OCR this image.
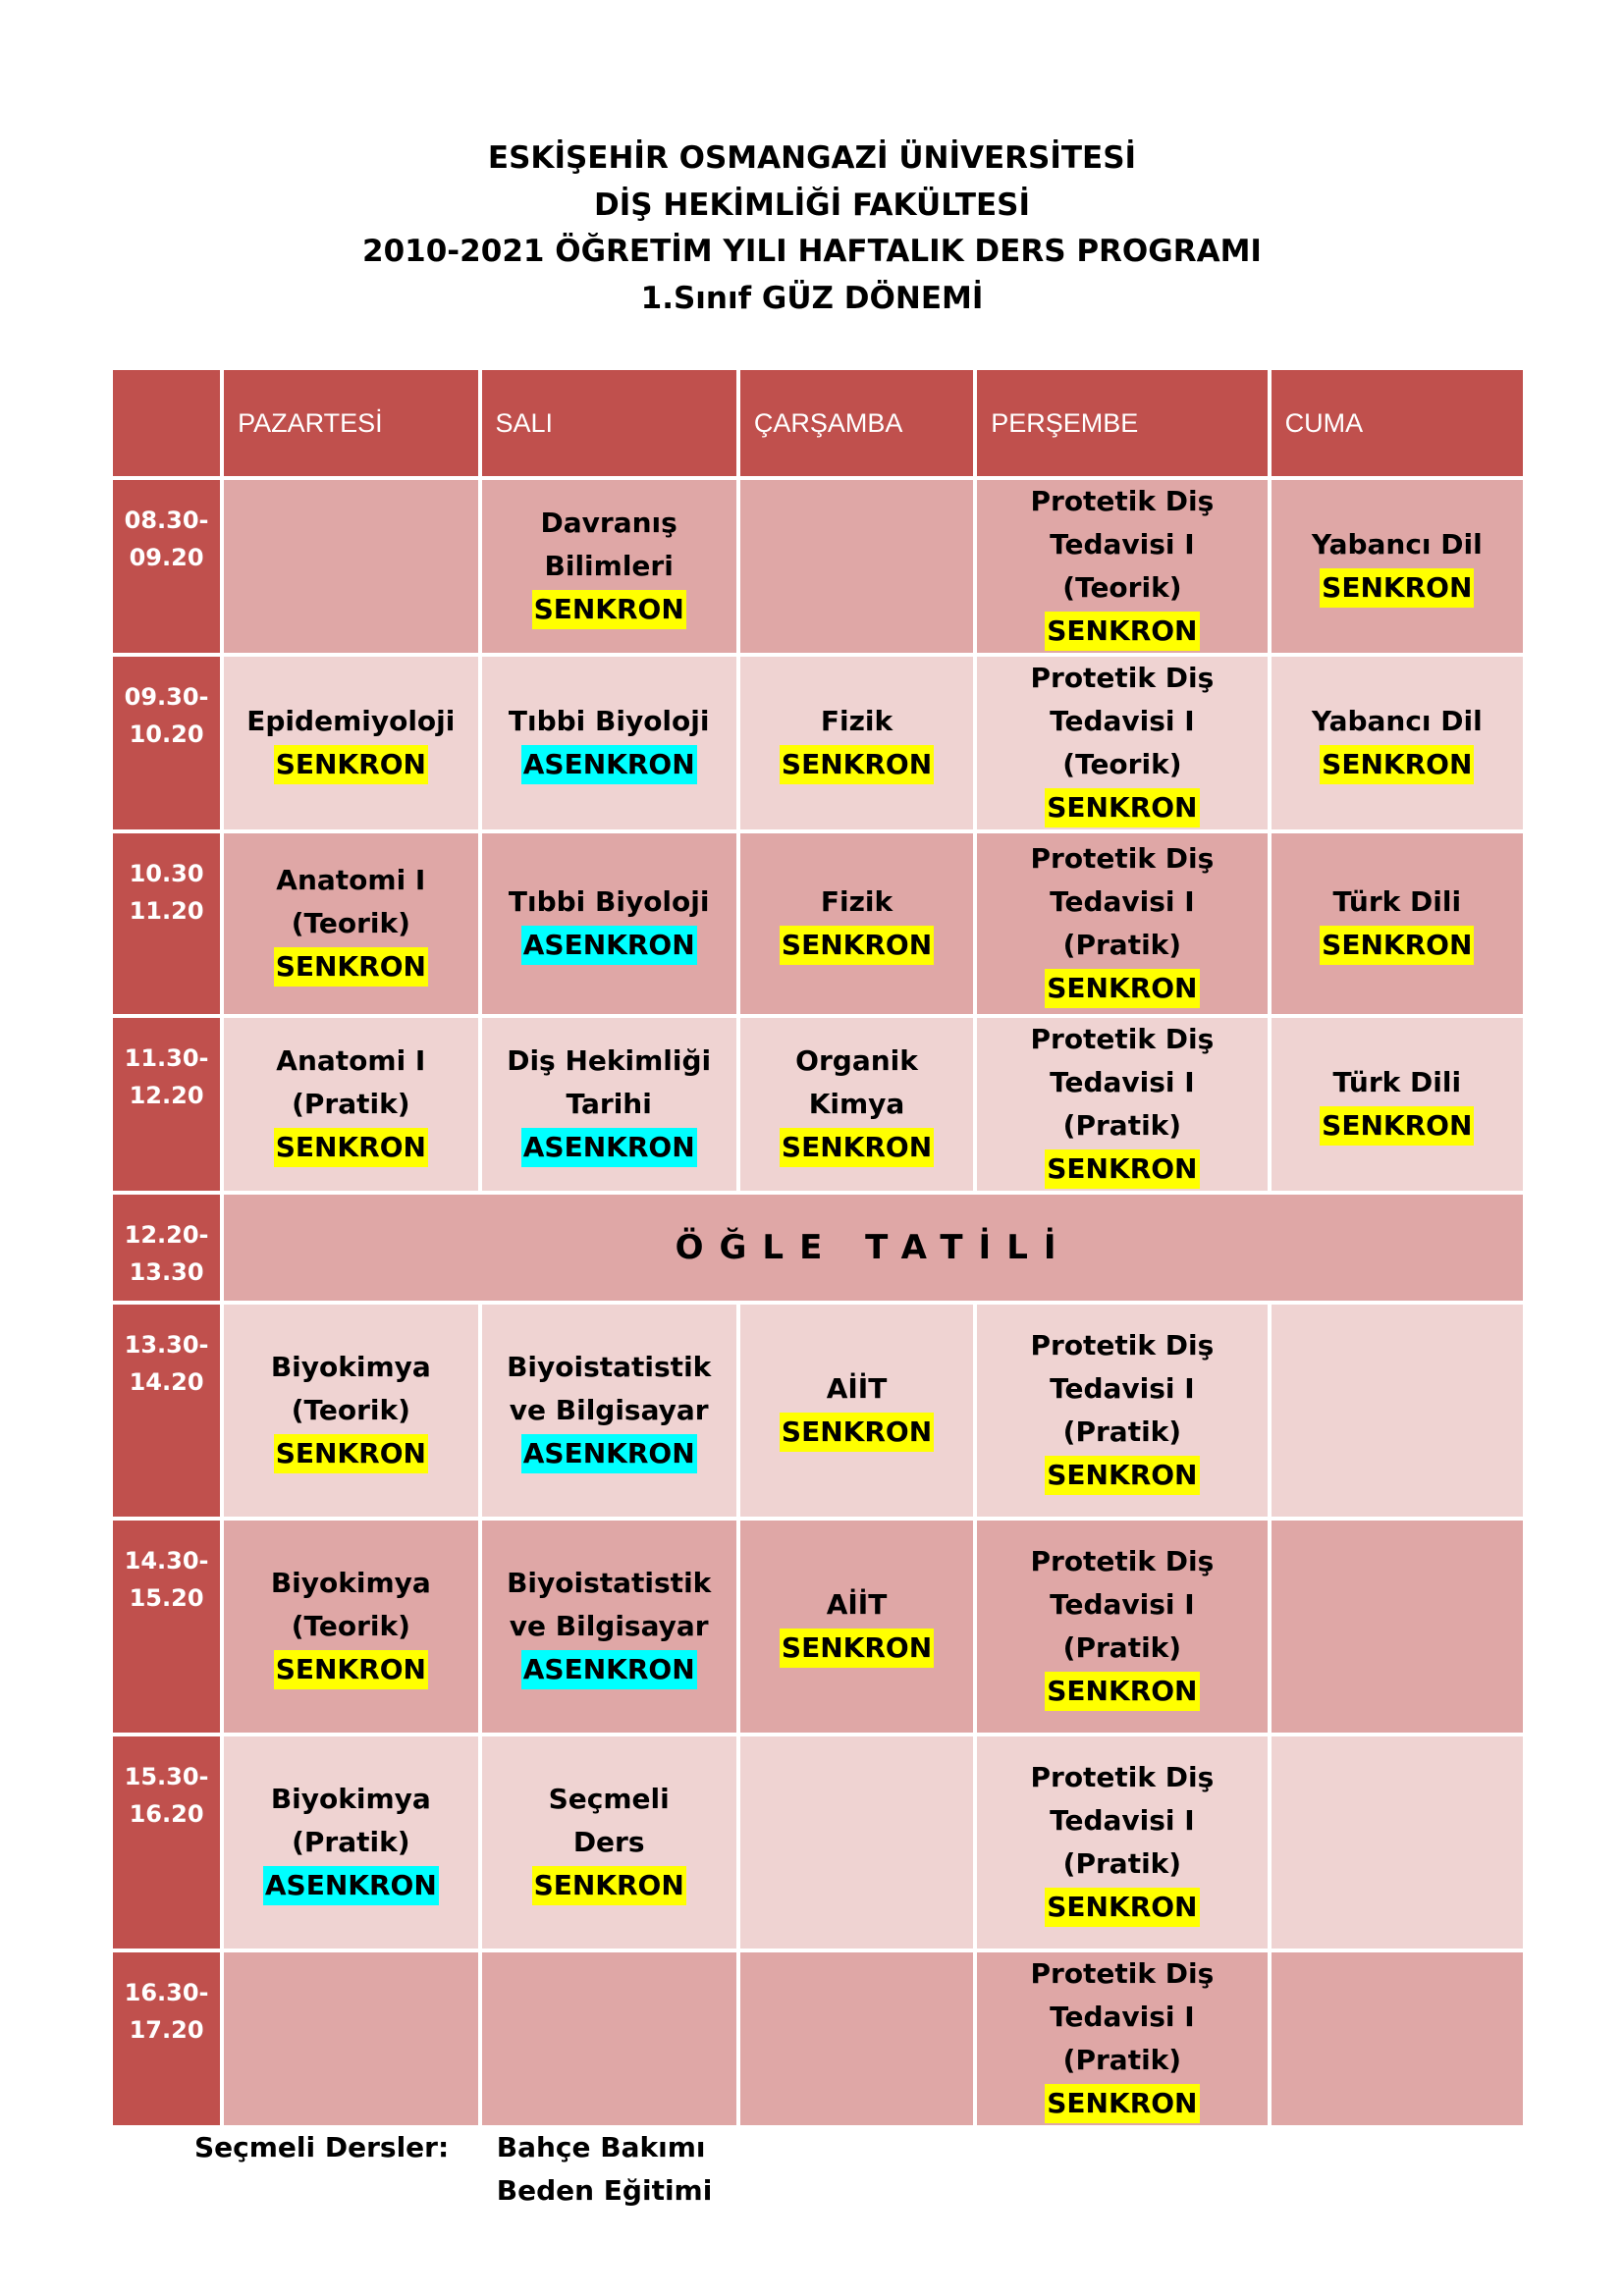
ESKİŞEHİR OSMANGAZİ ÜNİVERSİTESİ
DİŞ HEKİMLİĞİ FAKÜLTESİ
2010-2021 ÖĞRETİM YILI HAFTALIK DERS PROGRAMI
1.Sınıf GÜZ DÖNEMİ
	PAZARTESİ	SALI	ÇARŞAMBA	PERŞEMBE	CUMA

08.30-
09.20		Davranış
Bilimleri
SENKRON		Protetik Diş
Tedavisi I
(Teorik)
SENKRON	Yabancı Dil
SENKRON

09.30-
10.20	Epidemiyoloji
SENKRON	Tıbbi Biyoloji
ASENKRON	Fizik
SENKRON	Protetik Diş
Tedavisi I
(Teorik)
SENKRON	Yabancı Dil
SENKRON

10.30
11.20	Anatomi I
(Teorik)
SENKRON	Tıbbi Biyoloji
ASENKRON	Fizik
SENKRON	Protetik Diş
Tedavisi I
(Pratik)
SENKRON	Türk Dili
SENKRON

11.30-
12.20	Anatomi I
(Pratik)
SENKRON	Diş Hekimliği
Tarihi
ASENKRON	Organik
Kimya
SENKRON	Protetik Diş
Tedavisi I
(Pratik)
SENKRON	Türk Dili
SENKRON

12.20-
13.30	ÖĞLE TATİLİ				

13.30-
14.20	Biyokimya
(Teorik)
SENKRON	Biyoistatistik
ve Bilgisayar
ASENKRON	AİİT
SENKRON	Protetik Diş
Tedavisi I
(Pratik)
SENKRON	

14.30-
15.20	Biyokimya
(Teorik)
SENKRON	Biyoistatistik
ve Bilgisayar
ASENKRON	AİİT
SENKRON	Protetik Diş
Tedavisi I
(Pratik)
SENKRON	

15.30-
16.20	Biyokimya
(Pratik)
ASENKRON	Seçmeli
Ders
SENKRON		Protetik Diş
Tedavisi I
(Pratik)
SENKRON	

16.30-
17.20				Protetik Diş
Tedavisi I
(Pratik)
SENKRON	

Seçmeli Dersler: Bahçe Bakımı
Beden Eğitimi
